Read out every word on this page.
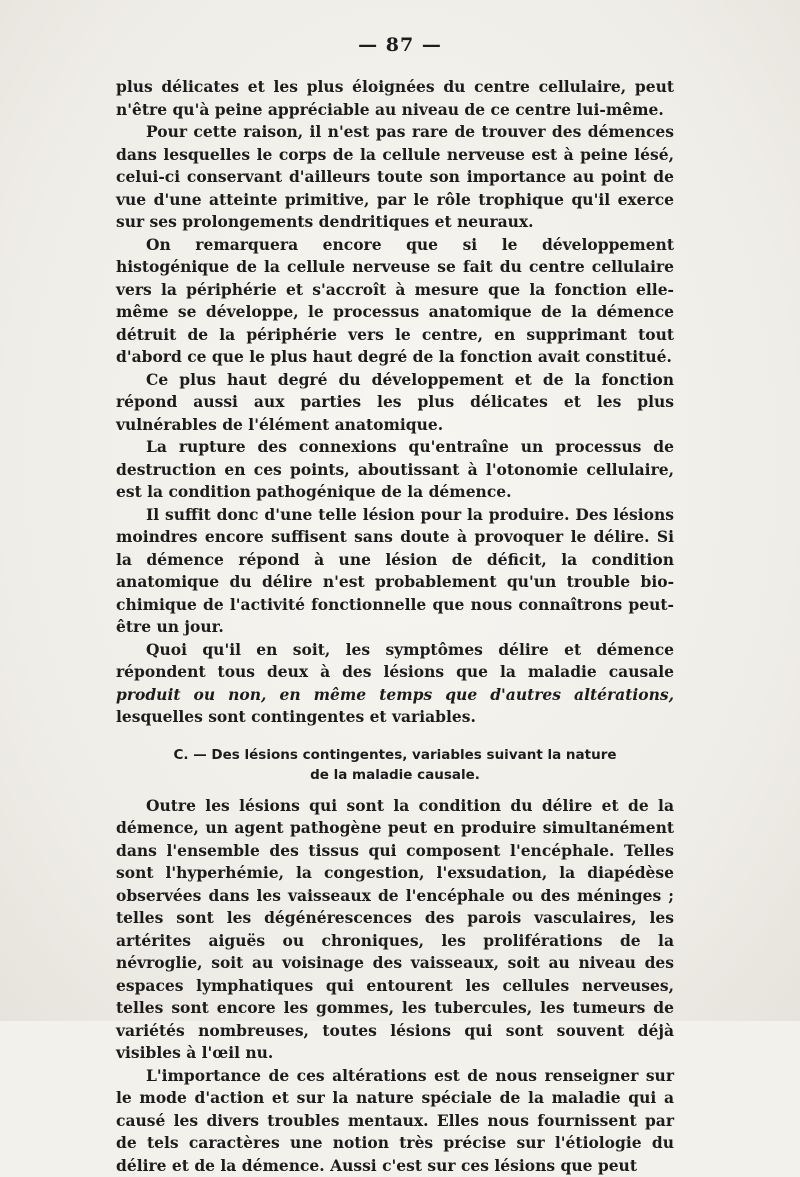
— 87 —

plus délicates et les plus éloignées du centre cellulaire, peut n'être qu'à peine appréciable au niveau de ce centre lui-même.

Pour cette raison, il n'est pas rare de trouver des démences dans lesquelles le corps de la cellule nerveuse est à peine lésé, celui-ci conservant d'ailleurs toute son importance au point de vue d'une atteinte primitive, par le rôle trophique qu'il exerce sur ses prolongements dendritiques et neuraux.

On remarquera encore que si le développement histogénique de la cellule nerveuse se fait du centre cellulaire vers la périphérie et s'accroît à mesure que la fonction elle-même se développe, le processus anatomique de la démence détruit de la périphérie vers le centre, en supprimant tout d'abord ce que le plus haut degré de la fonction avait constitué.

Ce plus haut degré du développement et de la fonction répond aussi aux parties les plus délicates et les plus vulnérables de l'élément anatomique.

La rupture des connexions qu'entraîne un processus de destruction en ces points, aboutissant à l'otonomie cellulaire, est la condition pathogénique de la démence.

Il suffit donc d'une telle lésion pour la produire. Des lésions moindres encore suffisent sans doute à provoquer le délire. Si la démence répond à une lésion de déficit, la condition anatomique du délire n'est probablement qu'un trouble bio-chimique de l'activité fonctionnelle que nous connaîtrons peut-être un jour.

Quoi qu'il en soit, les symptômes délire et démence répondent tous deux à des lésions que la maladie causale produit ou non, en même temps que d'autres altérations, lesquelles sont contingentes et variables.

C. — Des lésions contingentes, variables suivant la nature
de la maladie causale.

Outre les lésions qui sont la condition du délire et de la démence, un agent pathogène peut en produire simultanément dans l'ensemble des tissus qui composent l'encéphale. Telles sont l'hyperhémie, la congestion, l'exsudation, la diapédèse observées dans les vaisseaux de l'encéphale ou des méninges ; telles sont les dégénérescences des parois vasculaires, les artérites aiguës ou chroniques, les proliférations de la névroglie, soit au voisinage des vaisseaux, soit au niveau des espaces lymphatiques qui entourent les cellules nerveuses, telles sont encore les gommes, les tubercules, les tumeurs de variétés nombreuses, toutes lésions qui sont souvent déjà visibles à l'œil nu.

L'importance de ces altérations est de nous renseigner sur le mode d'action et sur la nature spéciale de la maladie qui a causé les divers troubles mentaux. Elles nous fournissent par de tels caractères une notion très précise sur l'étiologie du délire et de la démence. Aussi c'est sur ces lésions que peut
